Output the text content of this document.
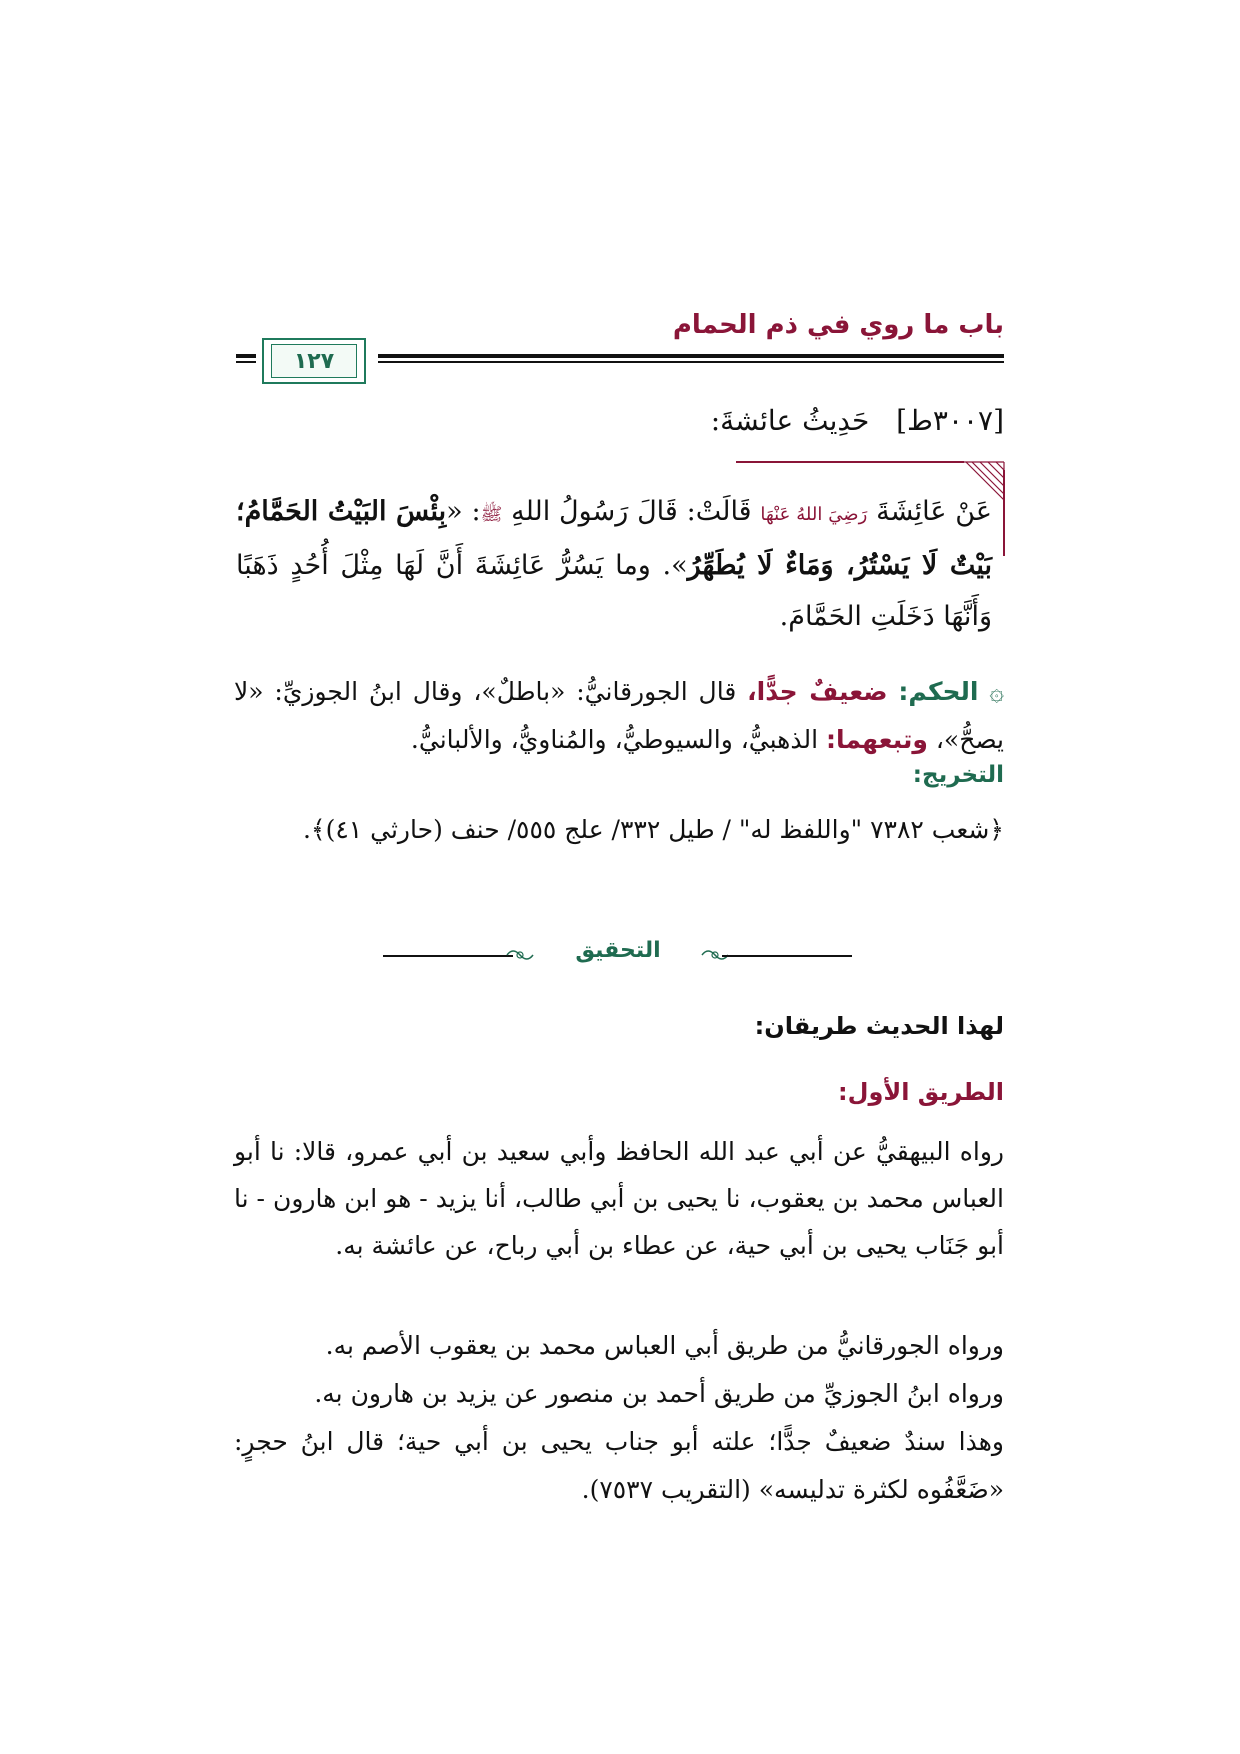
باب ما روي في ذم الحمام
١٢٧
[٣٠٠٧ط]   حَدِيثُ عائشةَ:
عَنْ عَائِشَةَ رَضِيَ اللهُ عَنْهَا قَالَتْ: قَالَ رَسُولُ اللهِ ﷺ: «بِئْسَ البَيْتُ الحَمَّامُ؛ بَيْتٌ لَا يَسْتُرُ، وَمَاءٌ لَا يُطَهِّرُ». وما يَسُرُّ عَائِشَةَ أَنَّ لَهَا مِثْلَ أُحُدٍ ذَهَبًا وَأَنَّهَا دَخَلَتِ الحَمَّامَ.
۞ الحكم: ضعيفٌ جدًّا، قال الجورقانيُّ: «باطلٌ»، وقال ابنُ الجوزيِّ: «لا يصحُّ»، وتبعهما: الذهبيُّ، والسيوطيُّ، والمُناويُّ، والألبانيُّ.
التخريج:
﴿شعب ٧٣٨٢ "واللفظ له" / طيل ٣٣٢/ علج ٥٥٥/ حنف (حارثي ٤١)﴾.
التحقيق
لهذا الحديث طريقان:
الطريق الأول:
رواه البيهقيُّ عن أبي عبد الله الحافظ وأبي سعيد بن أبي عمرو، قالا: نا أبو العباس محمد بن يعقوب، نا يحيى بن أبي طالب، أنا يزيد - هو ابن هارون - نا أبو جَنَاب يحيى بن أبي حية، عن عطاء بن أبي رباح، عن عائشة به.
ورواه الجورقانيُّ من طريق أبي العباس محمد بن يعقوب الأصم به.
ورواه ابنُ الجوزيِّ من طريق أحمد بن منصور عن يزيد بن هارون به.
وهذا سندٌ ضعيفٌ جدًّا؛ علته أبو جناب يحيى بن أبي حية؛ قال ابنُ حجرٍ: «ضَعَّفُوه لكثرة تدليسه» (التقريب ٧٥٣٧).
